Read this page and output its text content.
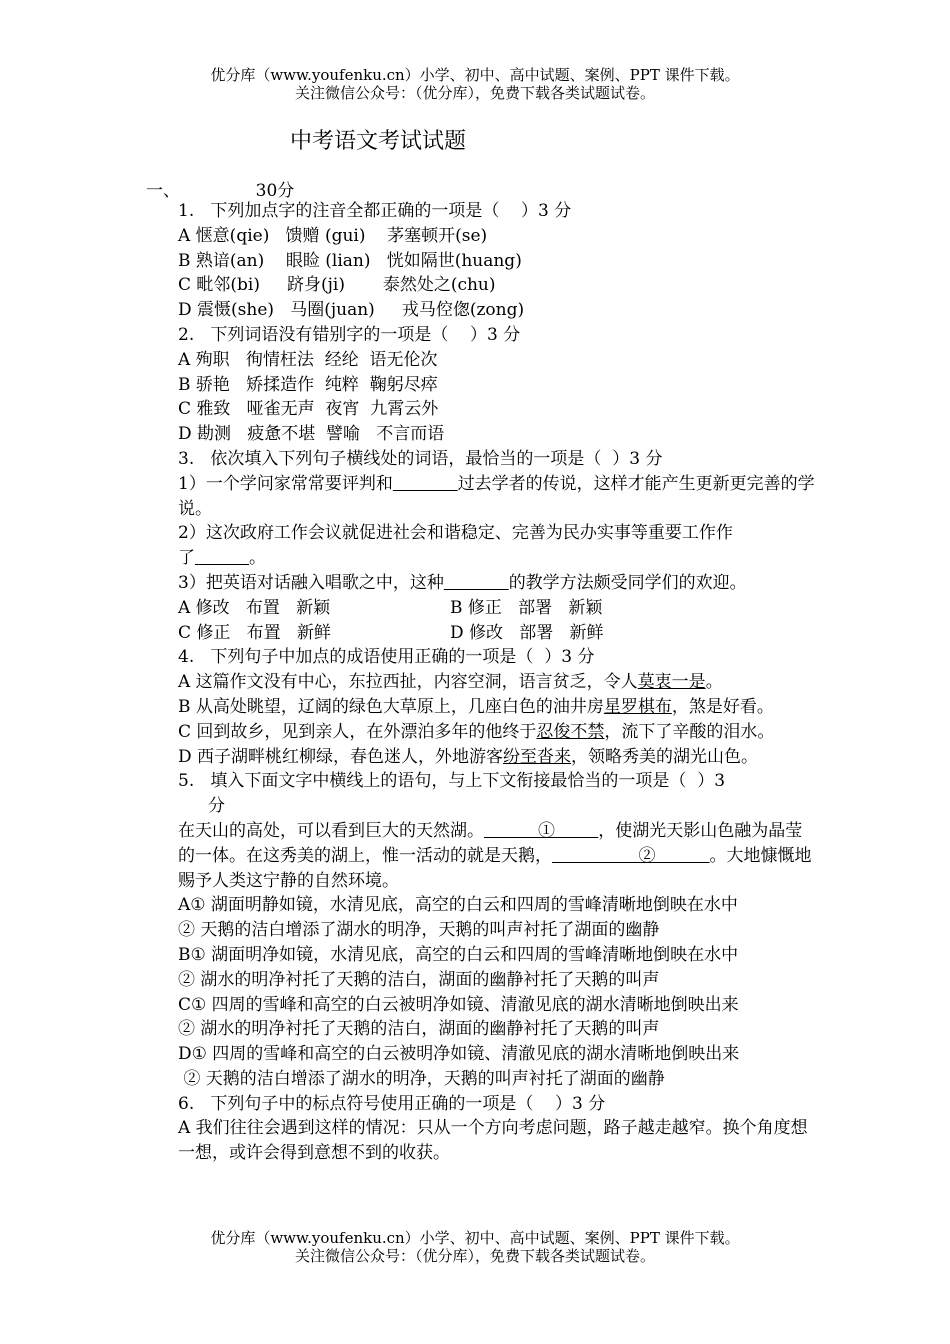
优分库（www.youfenku.cn）小学、初中、高中试题、案例、PPT 课件下载。
关注微信公众号：（优分库），免费下载各类试题试卷。
中考语文考试试题
一、	30分
1.   下列加点字的注音全都正确的一项是（    ）3 分
A 惬意(qie)   馈赠 (gui)    茅塞顿开(se)
B 熟谙(an)    眼睑 (lian)   恍如隔世(huang)
C 毗邻(bi)     跻身(ji)       泰然处之(chu)
D 震慑(she)   马圈(juan)     戎马倥偬(zong)
2.   下列词语没有错别字的一项是（    ）3 分
A 殉职   徇情枉法  经纶  语无伦次
B 骄艳   矫揉造作  纯粹  鞠躬尽瘁
C 雅致   哑雀无声  夜宵  九霄云外
D 勘测   疲惫不堪  譬喻   不言而语
3.   依次填入下列句子横线处的词语，最恰当的一项是（  ）3 分
1）一个学问家常常要评判和	过去学者的传说，这样才能产生更新更完善的学说。
2）这次政府工作会议就促进社会和谐稳定、完善为民办实事等重要工作作了	。
3）把英语对话融入唱歌之中，这种	的教学方法颇受同学们的欢迎。
A 修改   布置   新颖	B 修正   部署   新颖
C 修正   布置   新鲜	D 修改   部署   新鲜
4.   下列句子中加点的成语使用正确的一项是（  ）3 分
A 这篇作文没有中心，东拉西扯，内容空洞，语言贫乏，令人莫衷一是。
B 从高处眺望，辽阔的绿色大草原上，几座白色的油井房星罗棋布，煞是好看。
C 回到故乡，见到亲人，在外漂泊多年的他终于忍俊不禁，流下了辛酸的泪水。
D 西子湖畔桃红柳绿，春色迷人，外地游客纷至沓来，领略秀美的湖光山色。
5.   填入下面文字中横线上的语句，与上下文衔接最恰当的一项是（  ）3
分
在天山的高处，可以看到巨大的天然湖。	①	，使湖光天影山色融为晶莹的一体。在这秀美的湖上，惟一活动的就是天鹅，	②	。大地慷慨地赐予人类这宁静的自然环境。
A① 湖面明静如镜，水清见底，高空的白云和四周的雪峰清晰地倒映在水中
② 天鹅的洁白增添了湖水的明净，天鹅的叫声衬托了湖面的幽静
B① 湖面明净如镜，水清见底，高空的白云和四周的雪峰清晰地倒映在水中
② 湖水的明净衬托了天鹅的洁白，湖面的幽静衬托了天鹅的叫声
C① 四周的雪峰和高空的白云被明净如镜、清澈见底的湖水清晰地倒映出来
② 湖水的明净衬托了天鹅的洁白，湖面的幽静衬托了天鹅的叫声
D① 四周的雪峰和高空的白云被明净如镜、清澈见底的湖水清晰地倒映出来
② 天鹅的洁白增添了湖水的明净，天鹅的叫声衬托了湖面的幽静
6.   下列句子中的标点符号使用正确的一项是（    ）3 分
A 我们往往会遇到这样的情况：只从一个方向考虑问题，路子越走越窄。换个角度想一想，或许会得到意想不到的收获。
优分库（www.youfenku.cn）小学、初中、高中试题、案例、PPT 课件下载。
关注微信公众号：（优分库），免费下载各类试题试卷。
